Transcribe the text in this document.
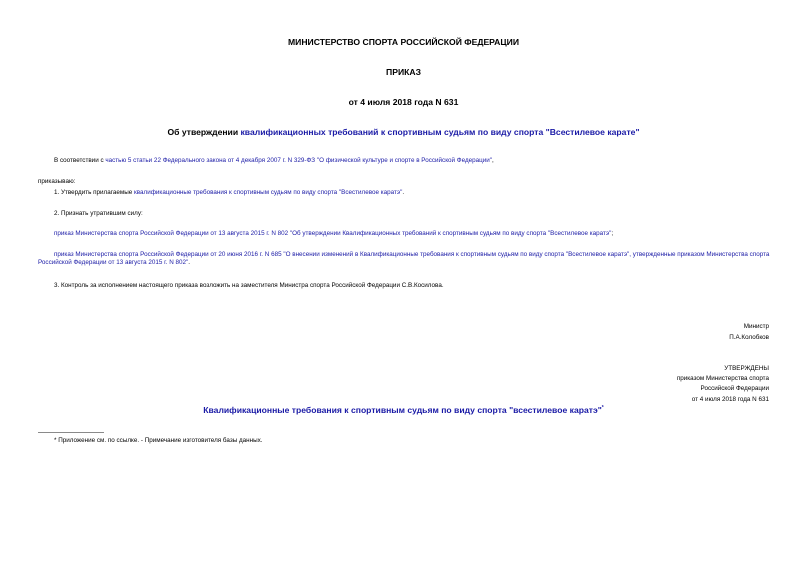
МИНИСТЕРСТВО СПОРТА РОССИЙСКОЙ ФЕДЕРАЦИИ
ПРИКАЗ
от 4 июля 2018 года N 631
Об утверждении квалификационных требований к спортивным судьям по виду спорта "Всестилевое карате"
В соответствии с частью 5 статьи 22 Федерального закона от 4 декабря 2007 г. N 329-ФЗ "О физической культуре и спорте в Российской Федерации",
приказываю:
1. Утвердить прилагаемые квалификационные требования к спортивным судьям по виду спорта "Всестилевое каратэ".
2. Признать утратившим силу:
приказ Министерства спорта Российской Федерации от 13 августа 2015 г. N 802 "Об утверждении Квалификационных требований к спортивным судьям по виду спорта "Всестилевое каратэ";
приказ Министерства спорта Российской Федерации от 20 июня 2016 г. N 685 "О внесении изменений в Квалификационные требования к спортивным судьям по виду спорта "Всестилевое каратэ", утвержденные приказом Министерства спорта Российской Федерации от 13 августа 2015 г. N 802".
3. Контроль за исполнением настоящего приказа возложить на заместителя Министра спорта Российской Федерации С.В.Косилова.
Министр
П.А.Колобков
УТВЕРЖДЕНЫ
приказом Министерства спорта
Российской Федерации
от 4 июля 2018 года N 631
Квалификационные требования к спортивным судьям по виду спорта "всестилевое каратэ"*
* Приложение см. по ссылке. - Примечание изготовителя базы данных.
